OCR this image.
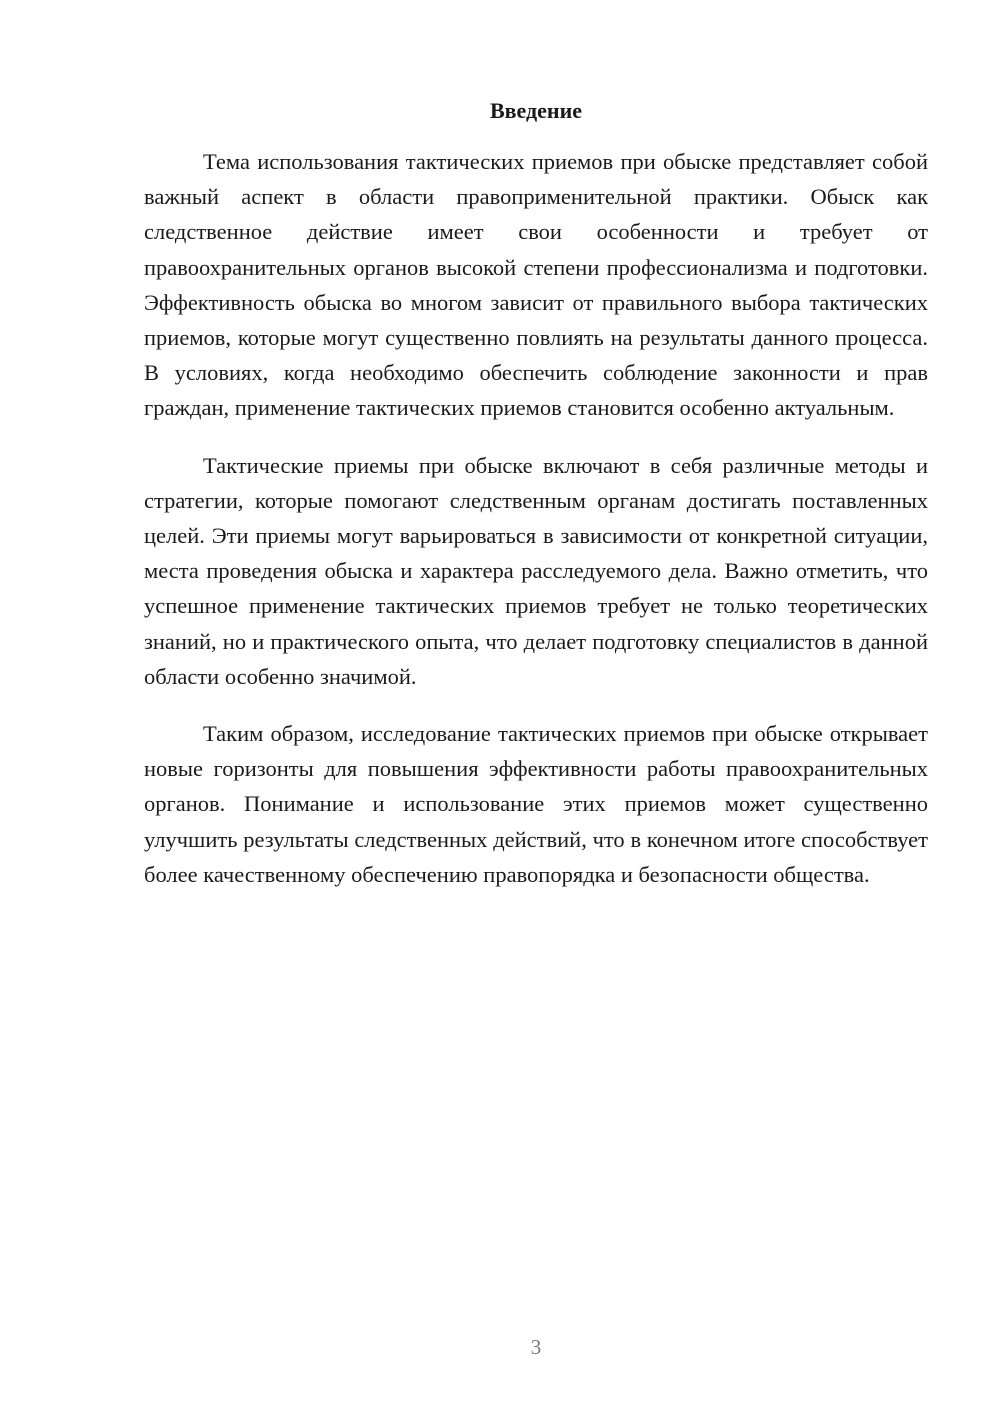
Введение

Тема использования тактических приемов при обыске представляет собой важный аспект в области правоприменительной практики. Обыск как следственное действие имеет свои особенности и требует от правоохранительных органов высокой степени профессионализма и подготовки. Эффективность обыска во многом зависит от правильного выбора тактических приемов, которые могут существенно повлиять на результаты данного процесса. В условиях, когда необходимо обеспечить соблюдение законности и прав граждан, применение тактических приемов становится особенно актуальным.

Тактические приемы при обыске включают в себя различные методы и стратегии, которые помогают следственным органам достигать поставленных целей. Эти приемы могут варьироваться в зависимости от конкретной ситуации, места проведения обыска и характера расследуемого дела. Важно отметить, что успешное применение тактических приемов требует не только теоретических знаний, но и практического опыта, что делает подготовку специалистов в данной области особенно значимой.

Таким образом, исследование тактических приемов при обыске открывает новые горизонты для повышения эффективности работы правоохранительных органов. Понимание и использование этих приемов может существенно улучшить результаты следственных действий, что в конечном итоге способствует более качественному обеспечению правопорядка и безопасности общества.

3
